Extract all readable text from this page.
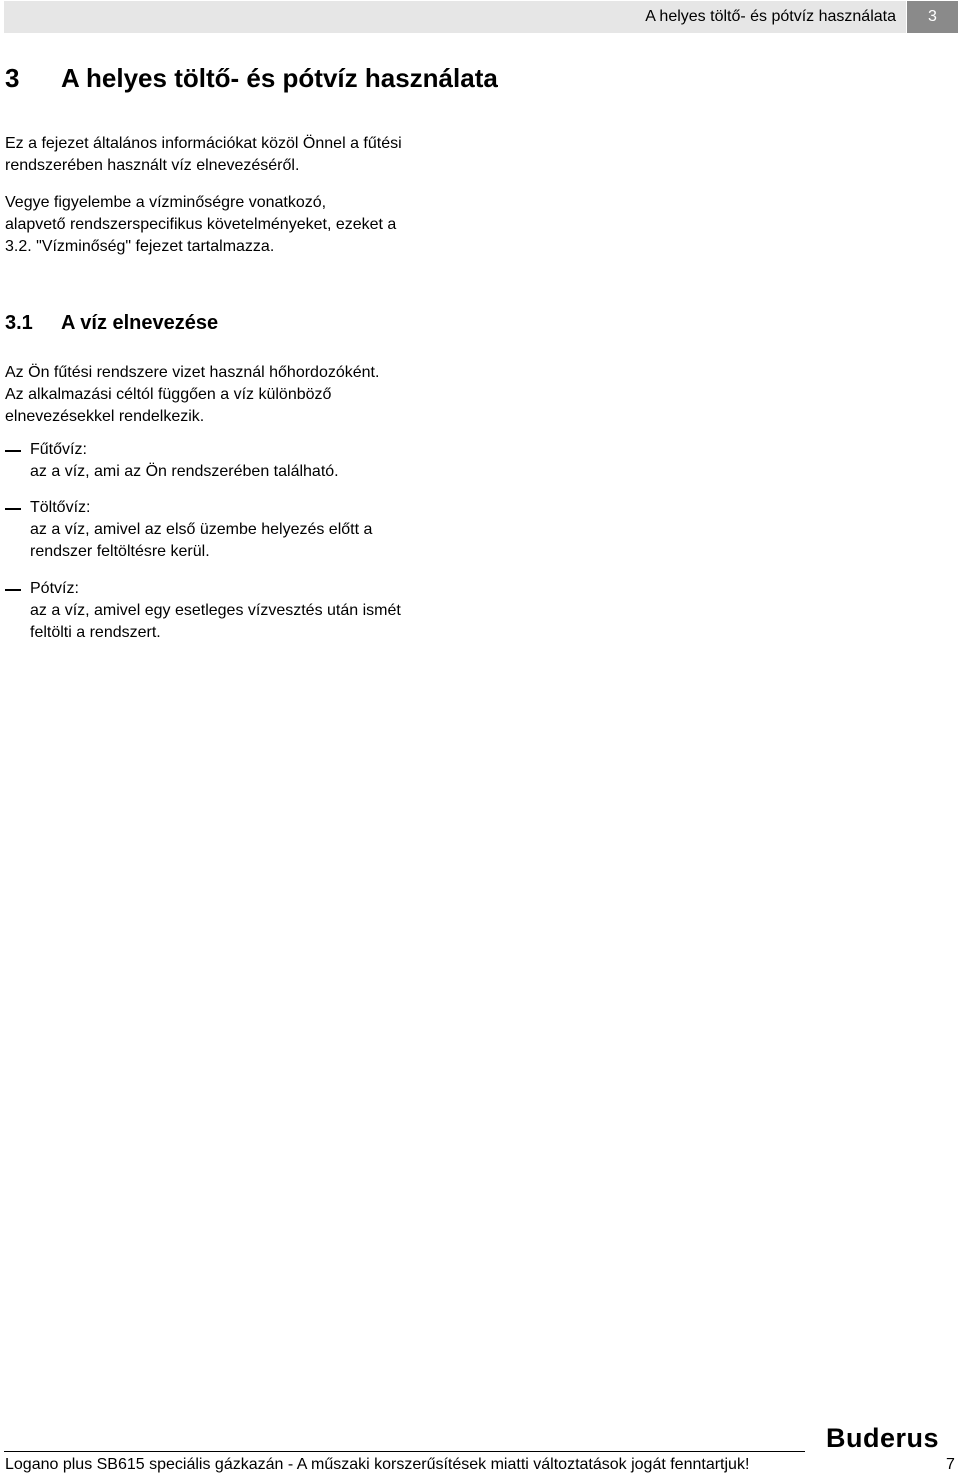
A helyes töltő- és pótvíz használata	3
3 A helyes töltő- és pótvíz használata
Ez a fejezet általános információkat közöl Önnel a fűtési
rendszerében használt víz elnevezéséről.
Vegye figyelembe a vízminőségre vonatkozó,
alapvető rendszerspecifikus követelményeket, ezeket a
3.2. "Vízminőség" fejezet tartalmazza.
3.1 A víz elnevezése
Az Ön fűtési rendszere vizet használ hőhordozóként.
Az alkalmazási céltól függően a víz különböző
elnevezésekkel rendelkezik.
Fűtővíz:
az a víz, ami az Ön rendszerében található.
Töltővíz:
az a víz, amivel az első üzembe helyezés előtt a
rendszer feltöltésre kerül.
Pótvíz:
az a víz, amivel egy esetleges vízvesztés után ismét
feltölti a rendszert.
Buderus
Logano plus SB615 speciális gázkazán - A műszaki korszerűsítések miatti változtatások jogát fenntartjuk!	7
